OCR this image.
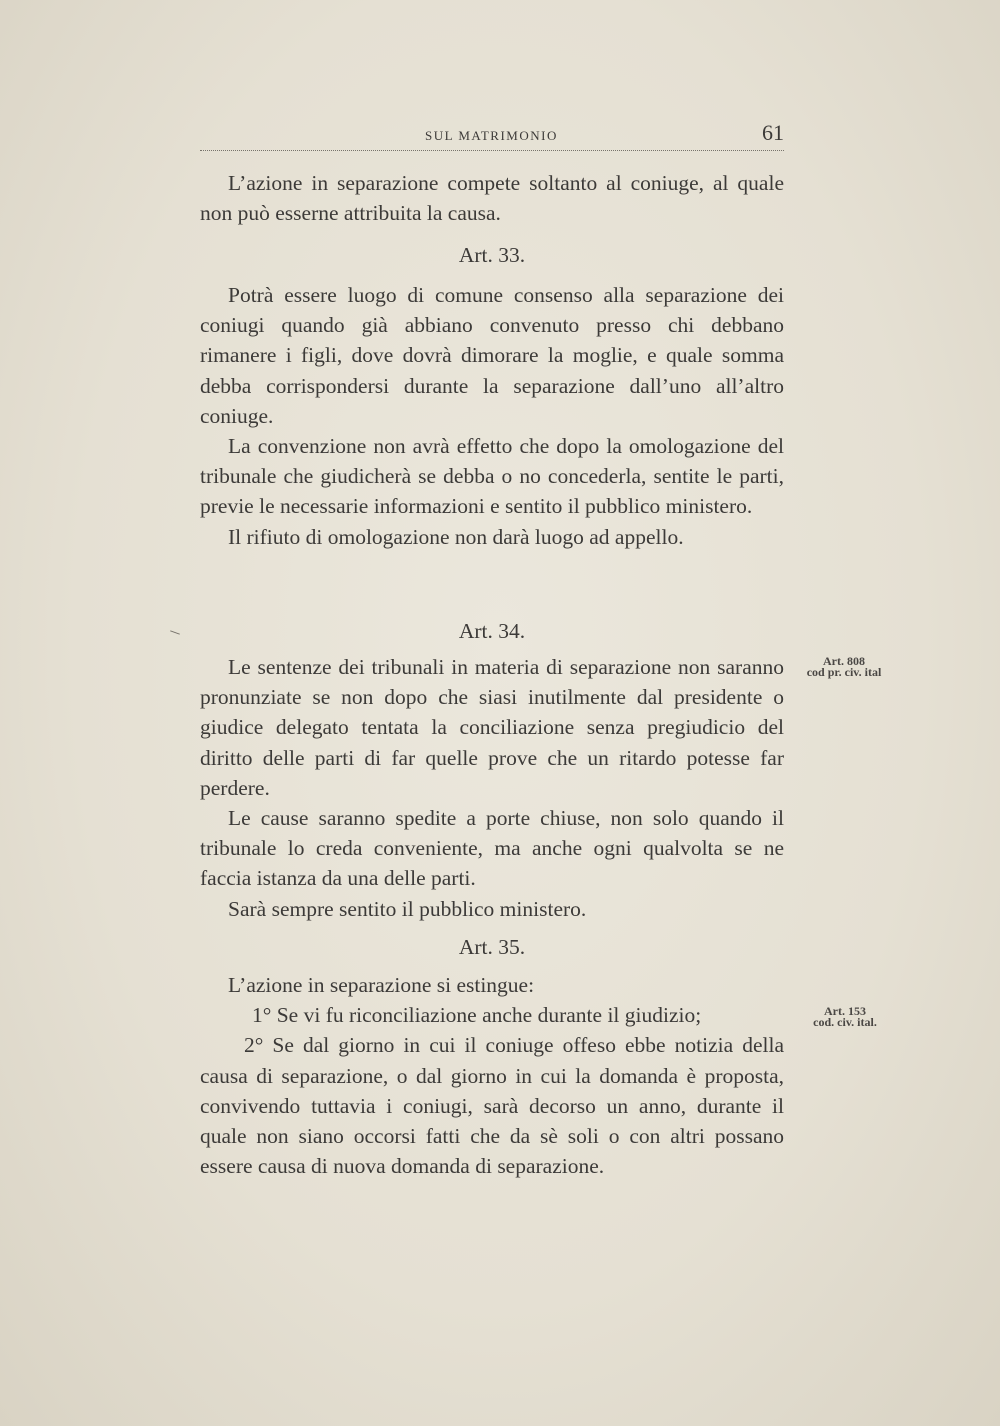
SUL MATRIMONIO	61

L’azione in separazione compete soltanto al coniuge, al quale non può esserne attribuita la causa.

Art. 33.

Potrà essere luogo di comune consenso alla separazione dei coniugi quando già abbiano convenuto presso chi debbano rimanere i figli, dove dovrà dimorare la moglie, e quale somma debba corrispondersi durante la separazione dall’uno all’altro coniuge.

La convenzione non avrà effetto che dopo la omologazione del tribunale che giudicherà se debba o no concederla, sentite le parti, previe le necessarie informazioni e sentito il pubblico ministero.

Il rifiuto di omologazione non darà luogo ad appello.

Art. 34.

Le sentenze dei tribunali in materia di separazione non saranno pronunziate se non dopo che siasi inutilmente dal presidente o giudice delegato tentata la conciliazione senza pregiudicio del diritto delle parti di far quelle prove che un ritardo potesse far perdere.

Le cause saranno spedite a porte chiuse, non solo quando il tribunale lo creda conveniente, ma anche ogni qualvolta se ne faccia istanza da una delle parti.

Sarà sempre sentito il pubblico ministero.

Art. 808
cod pr. civ. ital

Art. 35.

L’azione in separazione si estingue:

1° Se vi fu riconciliazione anche durante il giudizio;

2° Se dal giorno in cui il coniuge offeso ebbe notizia della causa di separazione, o dal giorno in cui la domanda è proposta, convivendo tuttavia i coniugi, sarà decorso un anno, durante il quale non siano occorsi fatti che da sè soli o con altri possano essere causa di nuova domanda di separazione.

Art. 153
cod. civ. ital.
